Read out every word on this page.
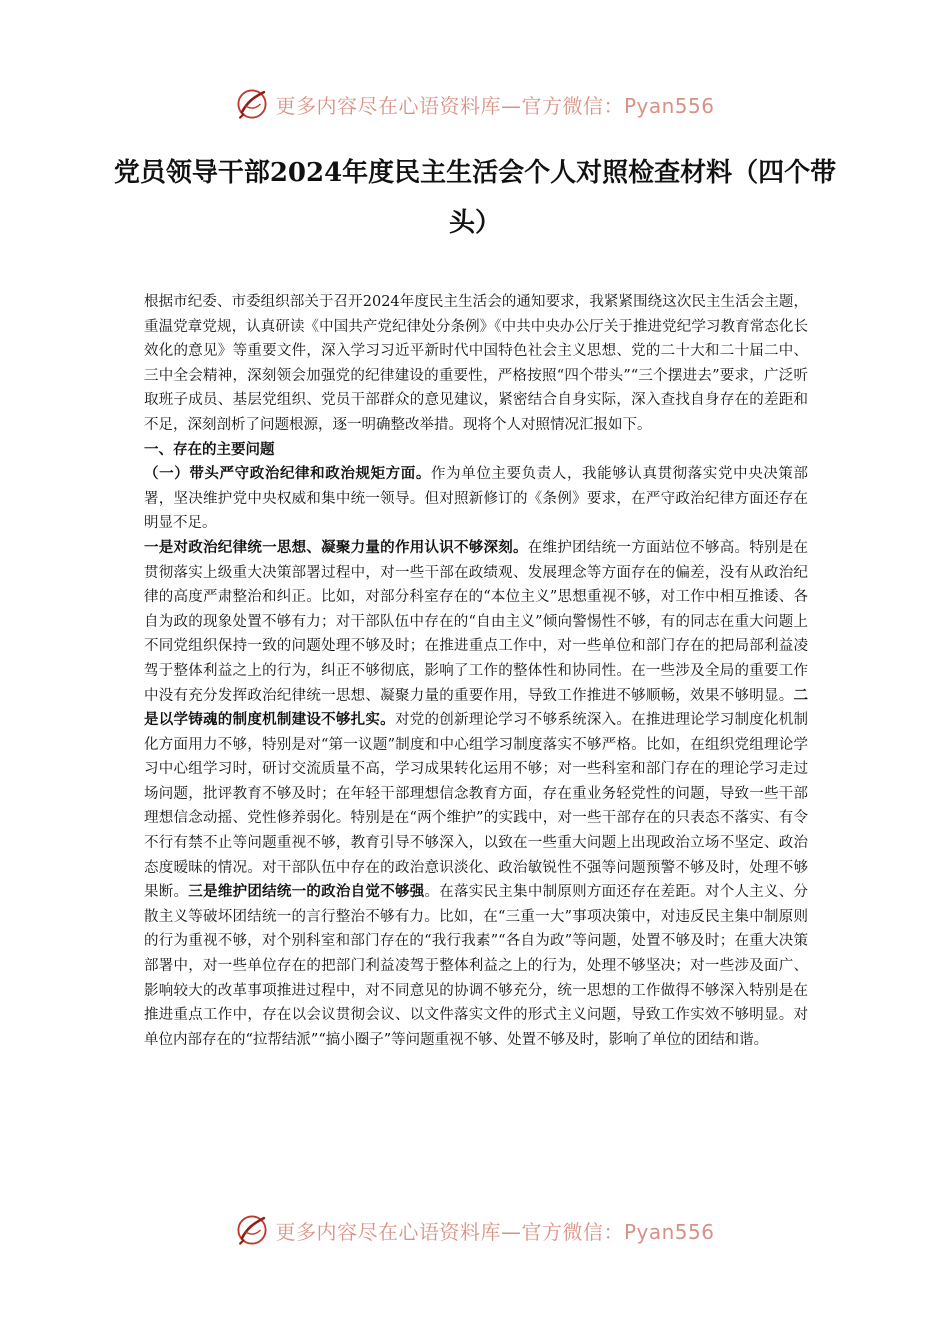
更多内容尽在心语资料库—官方微信：Pyan556
党员领导干部2024年度民主生活会个人对照检查材料（四个带头）

根据市纪委、市委组织部关于召开2024年度民主生活会的通知要求，我紧紧围绕这次民主生活会主题，重温党章党规，认真研读《中国共产党纪律处分条例》《中共中央办公厅关于推进党纪学习教育常态化长效化的意见》等重要文件，深入学习习近平新时代中国特色社会主义思想、党的二十大和二十届二中、三中全会精神，深刻领会加强党的纪律建设的重要性，严格按照“四个带头”“三个摆进去”要求，广泛听取班子成员、基层党组织、党员干部群众的意见建议，紧密结合自身实际，深入查找自身存在的差距和不足，深刻剖析了问题根源，逐一明确整改举措。现将个人对照情况汇报如下。

一、存在的主要问题

（一）带头严守政治纪律和政治规矩方面。作为单位主要负责人，我能够认真贯彻落实党中央决策部署，坚决维护党中央权威和集中统一领导。但对照新修订的《条例》要求，在严守政治纪律方面还存在明显不足。

一是对政治纪律统一思想、凝聚力量的作用认识不够深刻。在维护团结统一方面站位不够高。特别是在贯彻落实上级重大决策部署过程中，对一些干部在政绩观、发展理念等方面存在的偏差，没有从政治纪律的高度严肃整治和纠正。比如，对部分科室存在的“本位主义”思想重视不够，对工作中相互推诿、各自为政的现象处置不够有力；对干部队伍中存在的“自由主义”倾向警惕性不够，有的同志在重大问题上不同党组织保持一致的问题处理不够及时；在推进重点工作中，对一些单位和部门存在的把局部利益凌驾于整体利益之上的行为，纠正不够彻底，影响了工作的整体性和协同性。在一些涉及全局的重要工作中没有充分发挥政治纪律统一思想、凝聚力量的重要作用，导致工作推进不够顺畅，效果不够明显。二是以学铸魂的制度机制建设不够扎实。对党的创新理论学习不够系统深入。在推进理论学习制度化机制化方面用力不够，特别是对“第一议题”制度和中心组学习制度落实不够严格。比如，在组织党组理论学习中心组学习时，研讨交流质量不高，学习成果转化运用不够；对一些科室和部门存在的理论学习走过场问题，批评教育不够及时；在年轻干部理想信念教育方面，存在重业务轻党性的问题，导致一些干部理想信念动摇、党性修养弱化。特别是在“两个维护”的实践中，对一些干部存在的只表态不落实、有令不行有禁不止等问题重视不够，教育引导不够深入，以致在一些重大问题上出现政治立场不坚定、政治态度暧昧的情况。对干部队伍中存在的政治意识淡化、政治敏锐性不强等问题预警不够及时，处理不够果断。三是维护团结统一的政治自觉不够强。在落实民主集中制原则方面还存在差距。对个人主义、分散主义等破坏团结统一的言行整治不够有力。比如，在“三重一大”事项决策中，对违反民主集中制原则的行为重视不够，对个别科室和部门存在的“我行我素”“各自为政”等问题，处置不够及时；在重大决策部署中，对一些单位存在的把部门利益凌驾于整体利益之上的行为，处理不够坚决；对一些涉及面广、影响较大的改革事项推进过程中，对不同意见的协调不够充分，统一思想的工作做得不够深入特别是在推进重点工作中，存在以会议贯彻会议、以文件落实文件的形式主义问题，导致工作实效不够明显。对单位内部存在的“拉帮结派”“搞小圈子”等问题重视不够、处置不够及时，影响了单位的团结和谐。

更多内容尽在心语资料库—官方微信：Pyan556
